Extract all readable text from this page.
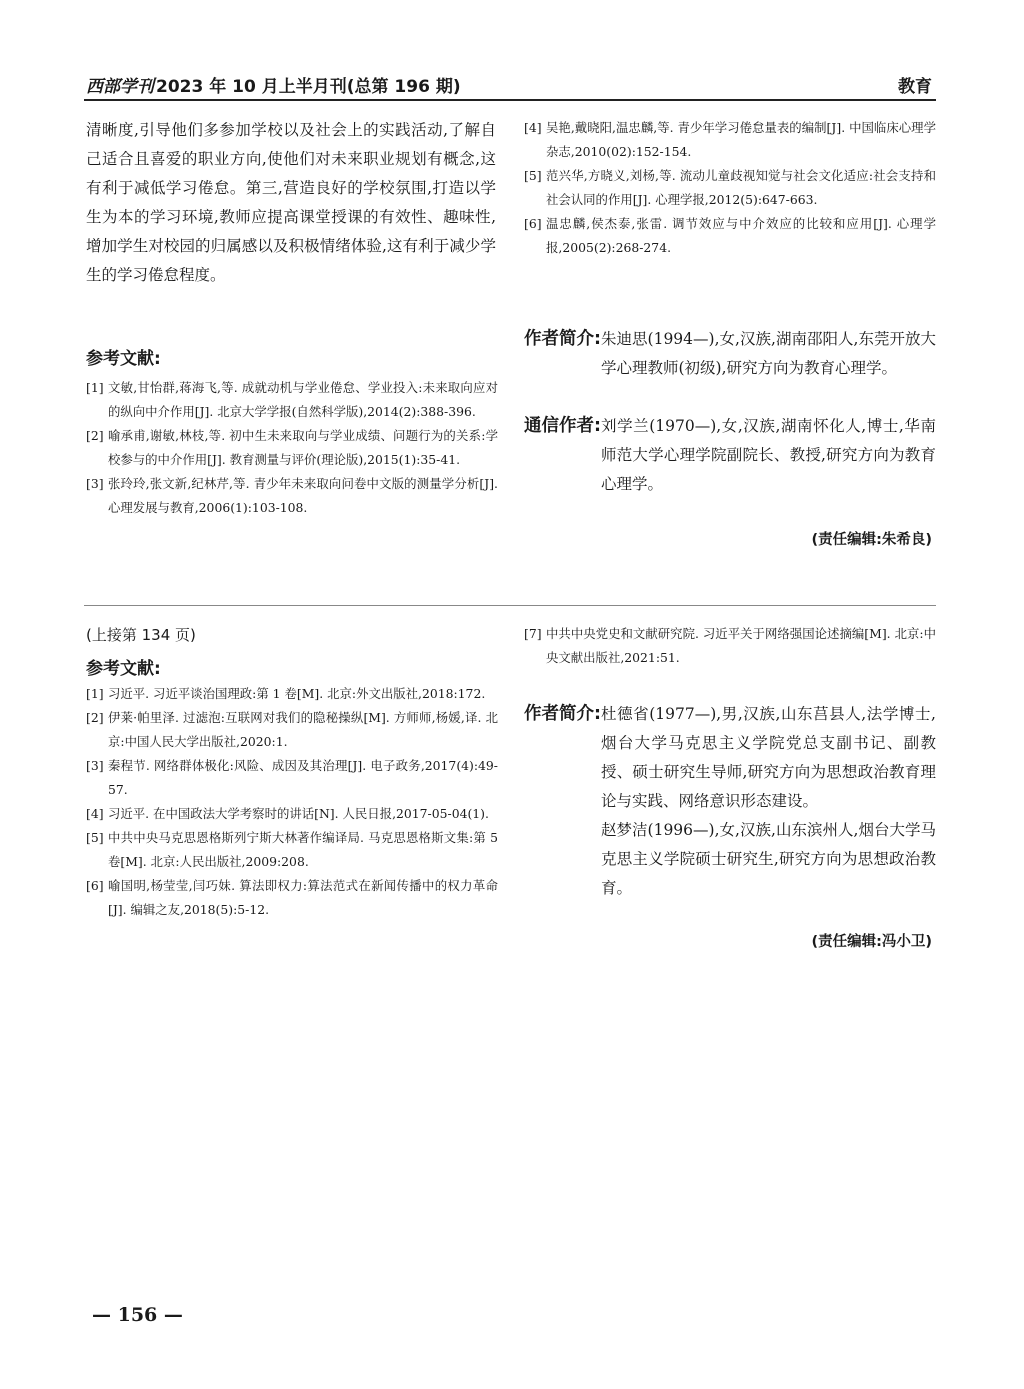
西部学刊 2023 年 10 月上半月刊(总第 196 期)	教育
清晰度,引导他们多参加学校以及社会上的实践活动,了解自己适合且喜爱的职业方向,使他们对未来职业规划有概念,这有利于减低学习倦怠。第三,营造良好的学校氛围,打造以学生为本的学习环境,教师应提高课堂授课的有效性、趣味性,增加学生对校园的归属感以及积极情绪体验,这有利于减少学生的学习倦怠程度。
参考文献:
[1] 文敏,甘怡群,蒋海飞,等. 成就动机与学业倦怠、学业投入:未来取向应对的纵向中介作用[J]. 北京大学学报(自然科学版),2014(2):388-396.
[2] 喻承甫,谢敏,林枝,等. 初中生未来取向与学业成绩、问题行为的关系:学校参与的中介作用[J]. 教育测量与评价(理论版),2015(1):35-41.
[3] 张玲玲,张文新,纪林芹,等. 青少年未来取向问卷中文版的测量学分析[J]. 心理发展与教育,2006(1):103-108.
[4] 吴艳,戴晓阳,温忠麟,等. 青少年学习倦怠量表的编制[J]. 中国临床心理学杂志,2010(02):152-154.
[5] 范兴华,方晓义,刘杨,等. 流动儿童歧视知觉与社会文化适应:社会支持和社会认同的作用[J]. 心理学报,2012(5):647-663.
[6] 温忠麟,侯杰泰,张雷. 调节效应与中介效应的比较和应用[J]. 心理学报,2005(2):268-274.
作者简介: 朱迪思(1994—),女,汉族,湖南邵阳人,东莞开放大学心理教师(初级),研究方向为教育心理学。
通信作者: 刘学兰(1970—),女,汉族,湖南怀化人,博士,华南师范大学心理学院副院长、教授,研究方向为教育心理学。
(责任编辑:朱希良)
(上接第 134 页)
参考文献:
[1] 习近平. 习近平谈治国理政:第 1 卷[M]. 北京:外文出版社,2018:172.
[2] 伊莱·帕里泽. 过滤泡:互联网对我们的隐秘操纵[M]. 方师师,杨媛,译. 北京:中国人民大学出版社,2020:1.
[3] 秦程节. 网络群体极化:风险、成因及其治理[J]. 电子政务,2017(4):49-57.
[4] 习近平. 在中国政法大学考察时的讲话[N]. 人民日报,2017-05-04(1).
[5] 中共中央马克思恩格斯列宁斯大林著作编译局. 马克思恩格斯文集:第 5 卷[M]. 北京:人民出版社,2009:208.
[6] 喻国明,杨莹莹,闫巧妹. 算法即权力:算法范式在新闻传播中的权力革命[J]. 编辑之友,2018(5):5-12.
[7] 中共中央党史和文献研究院. 习近平关于网络强国论述摘编[M]. 北京:中央文献出版社,2021:51.
作者简介: 杜德省(1977—),男,汉族,山东莒县人,法学博士,烟台大学马克思主义学院党总支副书记、副教授、硕士研究生导师,研究方向为思想政治教育理论与实践、网络意识形态建设。
赵梦洁(1996—),女,汉族,山东滨州人,烟台大学马克思主义学院硕士研究生,研究方向为思想政治教育。
(责任编辑:冯小卫)
— 156 —
